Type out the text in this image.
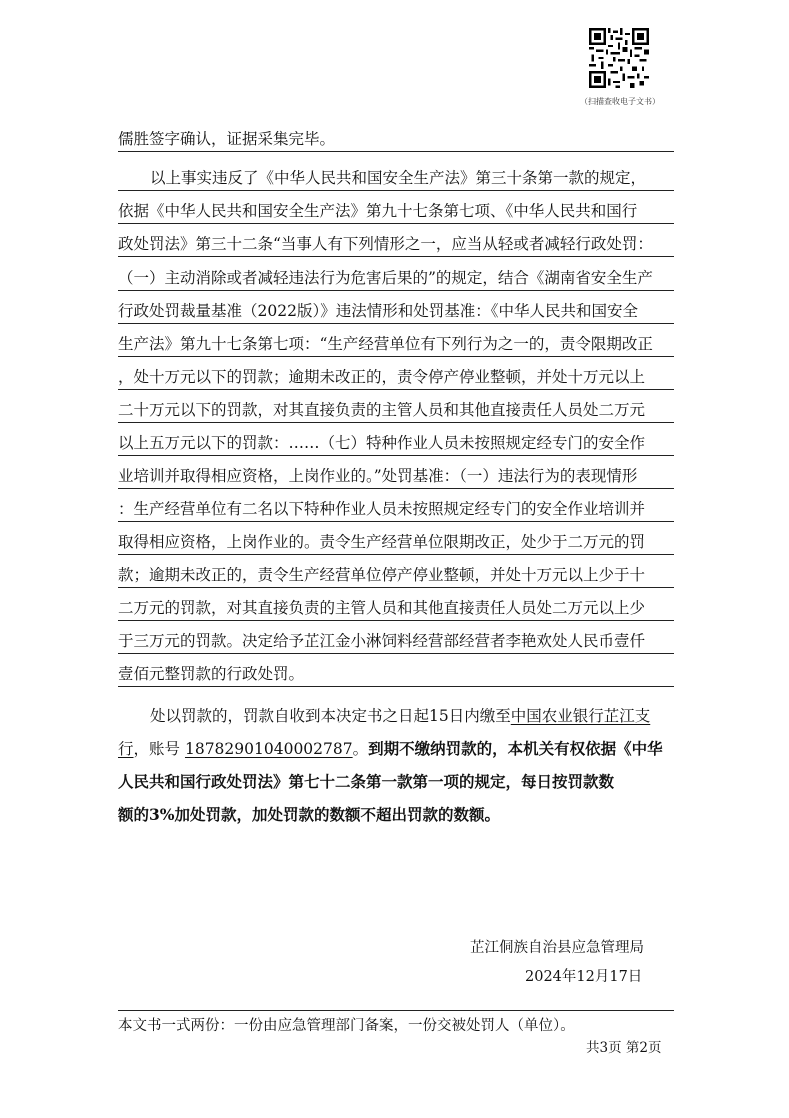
（扫描查收电子文书）
儒胜签字确认，证据采集完毕。
以上事实违反了《中华人民共和国安全生产法》第三十条第一款的规定，
依据《中华人民共和国安全生产法》第九十七条第七项、《中华人民共和国行
政处罚法》第三十二条“当事人有下列情形之一，应当从轻或者减轻行政处罚：
（一）主动消除或者减轻违法行为危害后果的”的规定，结合《湖南省安全生产
行政处罚裁量基准（2022版）》违法情形和处罚基准：《中华人民共和国安全
生产法》第九十七条第七项：“生产经营单位有下列行为之一的，责令限期改正
，处十万元以下的罚款；逾期未改正的，责令停产停业整顿，并处十万元以上
二十万元以下的罚款，对其直接负责的主管人员和其他直接责任人员处二万元
以上五万元以下的罚款：……（七）特种作业人员未按照规定经专门的安全作
业培训并取得相应资格，上岗作业的。”处罚基准：（一）违法行为的表现情形
：生产经营单位有二名以下特种作业人员未按照规定经专门的安全作业培训并
取得相应资格，上岗作业的。责令生产经营单位限期改正，处少于二万元的罚
款；逾期未改正的，责令生产经营单位停产停业整顿，并处十万元以上少于十
二万元的罚款，对其直接负责的主管人员和其他直接责任人员处二万元以上少
于三万元的罚款。决定给予芷江金小淋饲料经营部经营者李艳欢处人民币壹仟
壹佰元整罚款的行政处罚。
处以罚款的，罚款自收到本决定书之日起15日内缴至中国农业银行芷江支
行，账号 18782901040002787。到期不缴纳罚款的，本机关有权依据《中华
人民共和国行政处罚法》第七十二条第一款第一项的规定，每日按罚款数
额的3%加处罚款，加处罚款的数额不超出罚款的数额。
芷江侗族自治县应急管理局
2024年12月17日
本文书一式两份：一份由应急管理部门备案，一份交被处罚人（单位）。
共3页 第2页
